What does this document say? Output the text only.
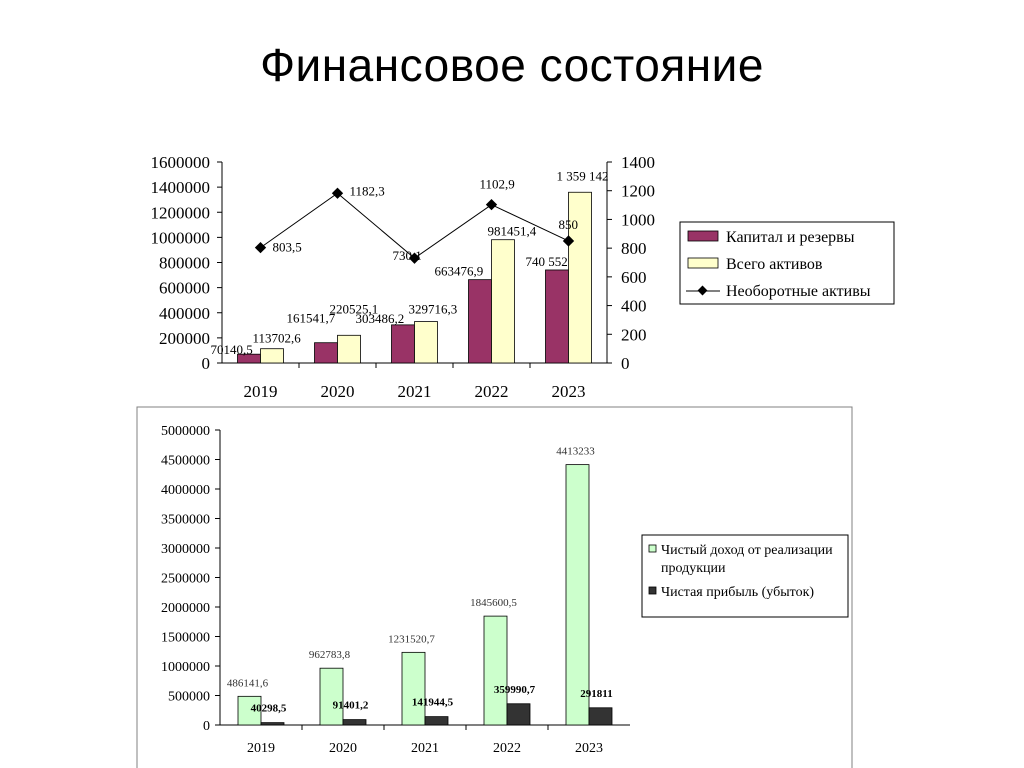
Финансовое состояние
0
200000
400000
600000
800000
1000000
1200000
1400000
1600000
0
200
400
600
800
1000
1200
1400
2019	2020	2021	2022	2023
70140,5
113702,6
161541,7
220525,1
303486,2
329716,3
663476,9
981451,4
740 552
1 359 142
803,5
1182,3
730,1
1102,9
850
Капитал и резервы
Всего активов
Необоротные активы
0
500000
1000000
1500000
2000000
2500000
3000000
3500000
4000000
4500000
5000000
2019	2020	2021	2022	2023
486141,6
40298,5
962783,8
91401,2
1231520,7
141944,5
1845600,5
359990,7
4413233
291811
Чистый доход от реализации
продукции
Чистая прибыль (убыток)
